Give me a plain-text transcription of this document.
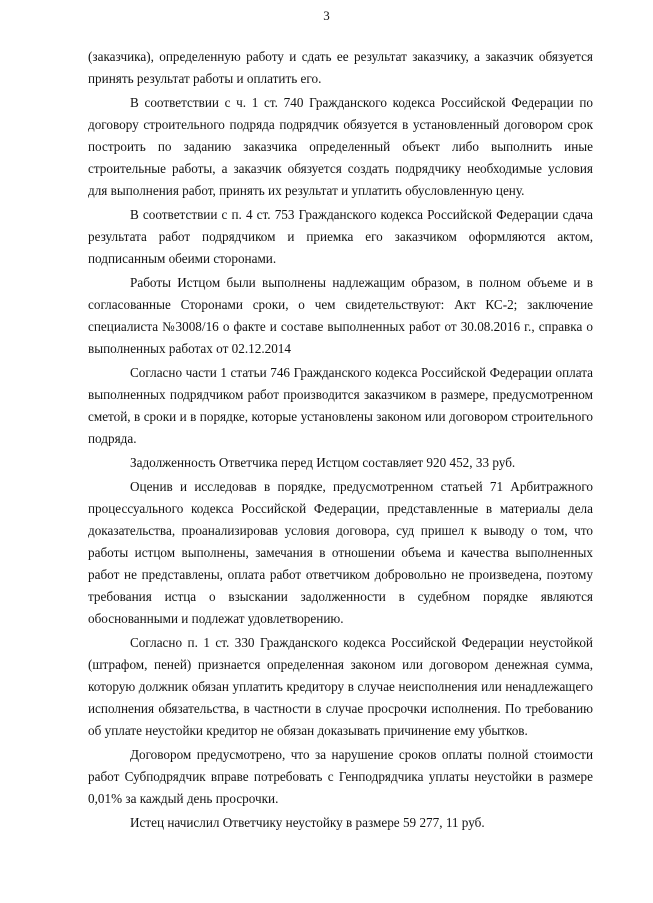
3

(заказчика), определенную работу и сдать ее результат заказчику, а заказчик обязуется принять результат работы и оплатить его.

В соответствии с ч. 1 ст. 740 Гражданского кодекса Российской Федерации по договору строительного подряда подрядчик обязуется в установленный договором срок построить по заданию заказчика определенный объект либо выполнить иные строительные работы, а заказчик обязуется создать подрядчику необходимые условия для выполнения работ, принять их результат и уплатить обусловленную цену.

В соответствии с п. 4 ст. 753 Гражданского кодекса Российской Федерации сдача результата работ подрядчиком и приемка его заказчиком оформляются актом, подписанным обеими сторонами.

Работы Истцом были выполнены надлежащим образом, в полном объеме и в согласованные Сторонами сроки, о чем свидетельствуют: Акт КС-2; заключение специалиста №3008/16 о факте и составе выполненных работ от 30.08.2016 г., справка о выполненных работах от 02.12.2014

Согласно части 1 статьи 746 Гражданского кодекса Российской Федерации оплата выполненных подрядчиком работ производится заказчиком в размере, предусмотренном сметой, в сроки и в порядке, которые установлены законом или договором строительного подряда.

Задолженность Ответчика перед Истцом составляет 920 452, 33 руб.

Оценив и исследовав в порядке, предусмотренном статьей 71 Арбитражного процессуального кодекса Российской Федерации, представленные в материалы дела доказательства, проанализировав условия договора, суд пришел к выводу о том, что работы истцом выполнены, замечания в отношении объема и качества выполненных работ не представлены, оплата работ ответчиком добровольно не произведена, поэтому требования истца о взыскании задолженности в судебном порядке являются обоснованными и подлежат удовлетворению.

Согласно п. 1 ст. 330 Гражданского кодекса Российской Федерации неустойкой (штрафом, пеней) признается определенная законом или договором денежная сумма, которую должник обязан уплатить кредитору в случае неисполнения или ненадлежащего исполнения обязательства, в частности в случае просрочки исполнения. По требованию об уплате неустойки кредитор не обязан доказывать причинение ему убытков.

Договором предусмотрено, что за нарушение сроков оплаты полной стоимости работ Субподрядчик вправе потребовать с Генподрядчика уплаты неустойки в размере 0,01% за каждый день просрочки.

Истец начислил Ответчику неустойку в размере 59 277, 11 руб.
